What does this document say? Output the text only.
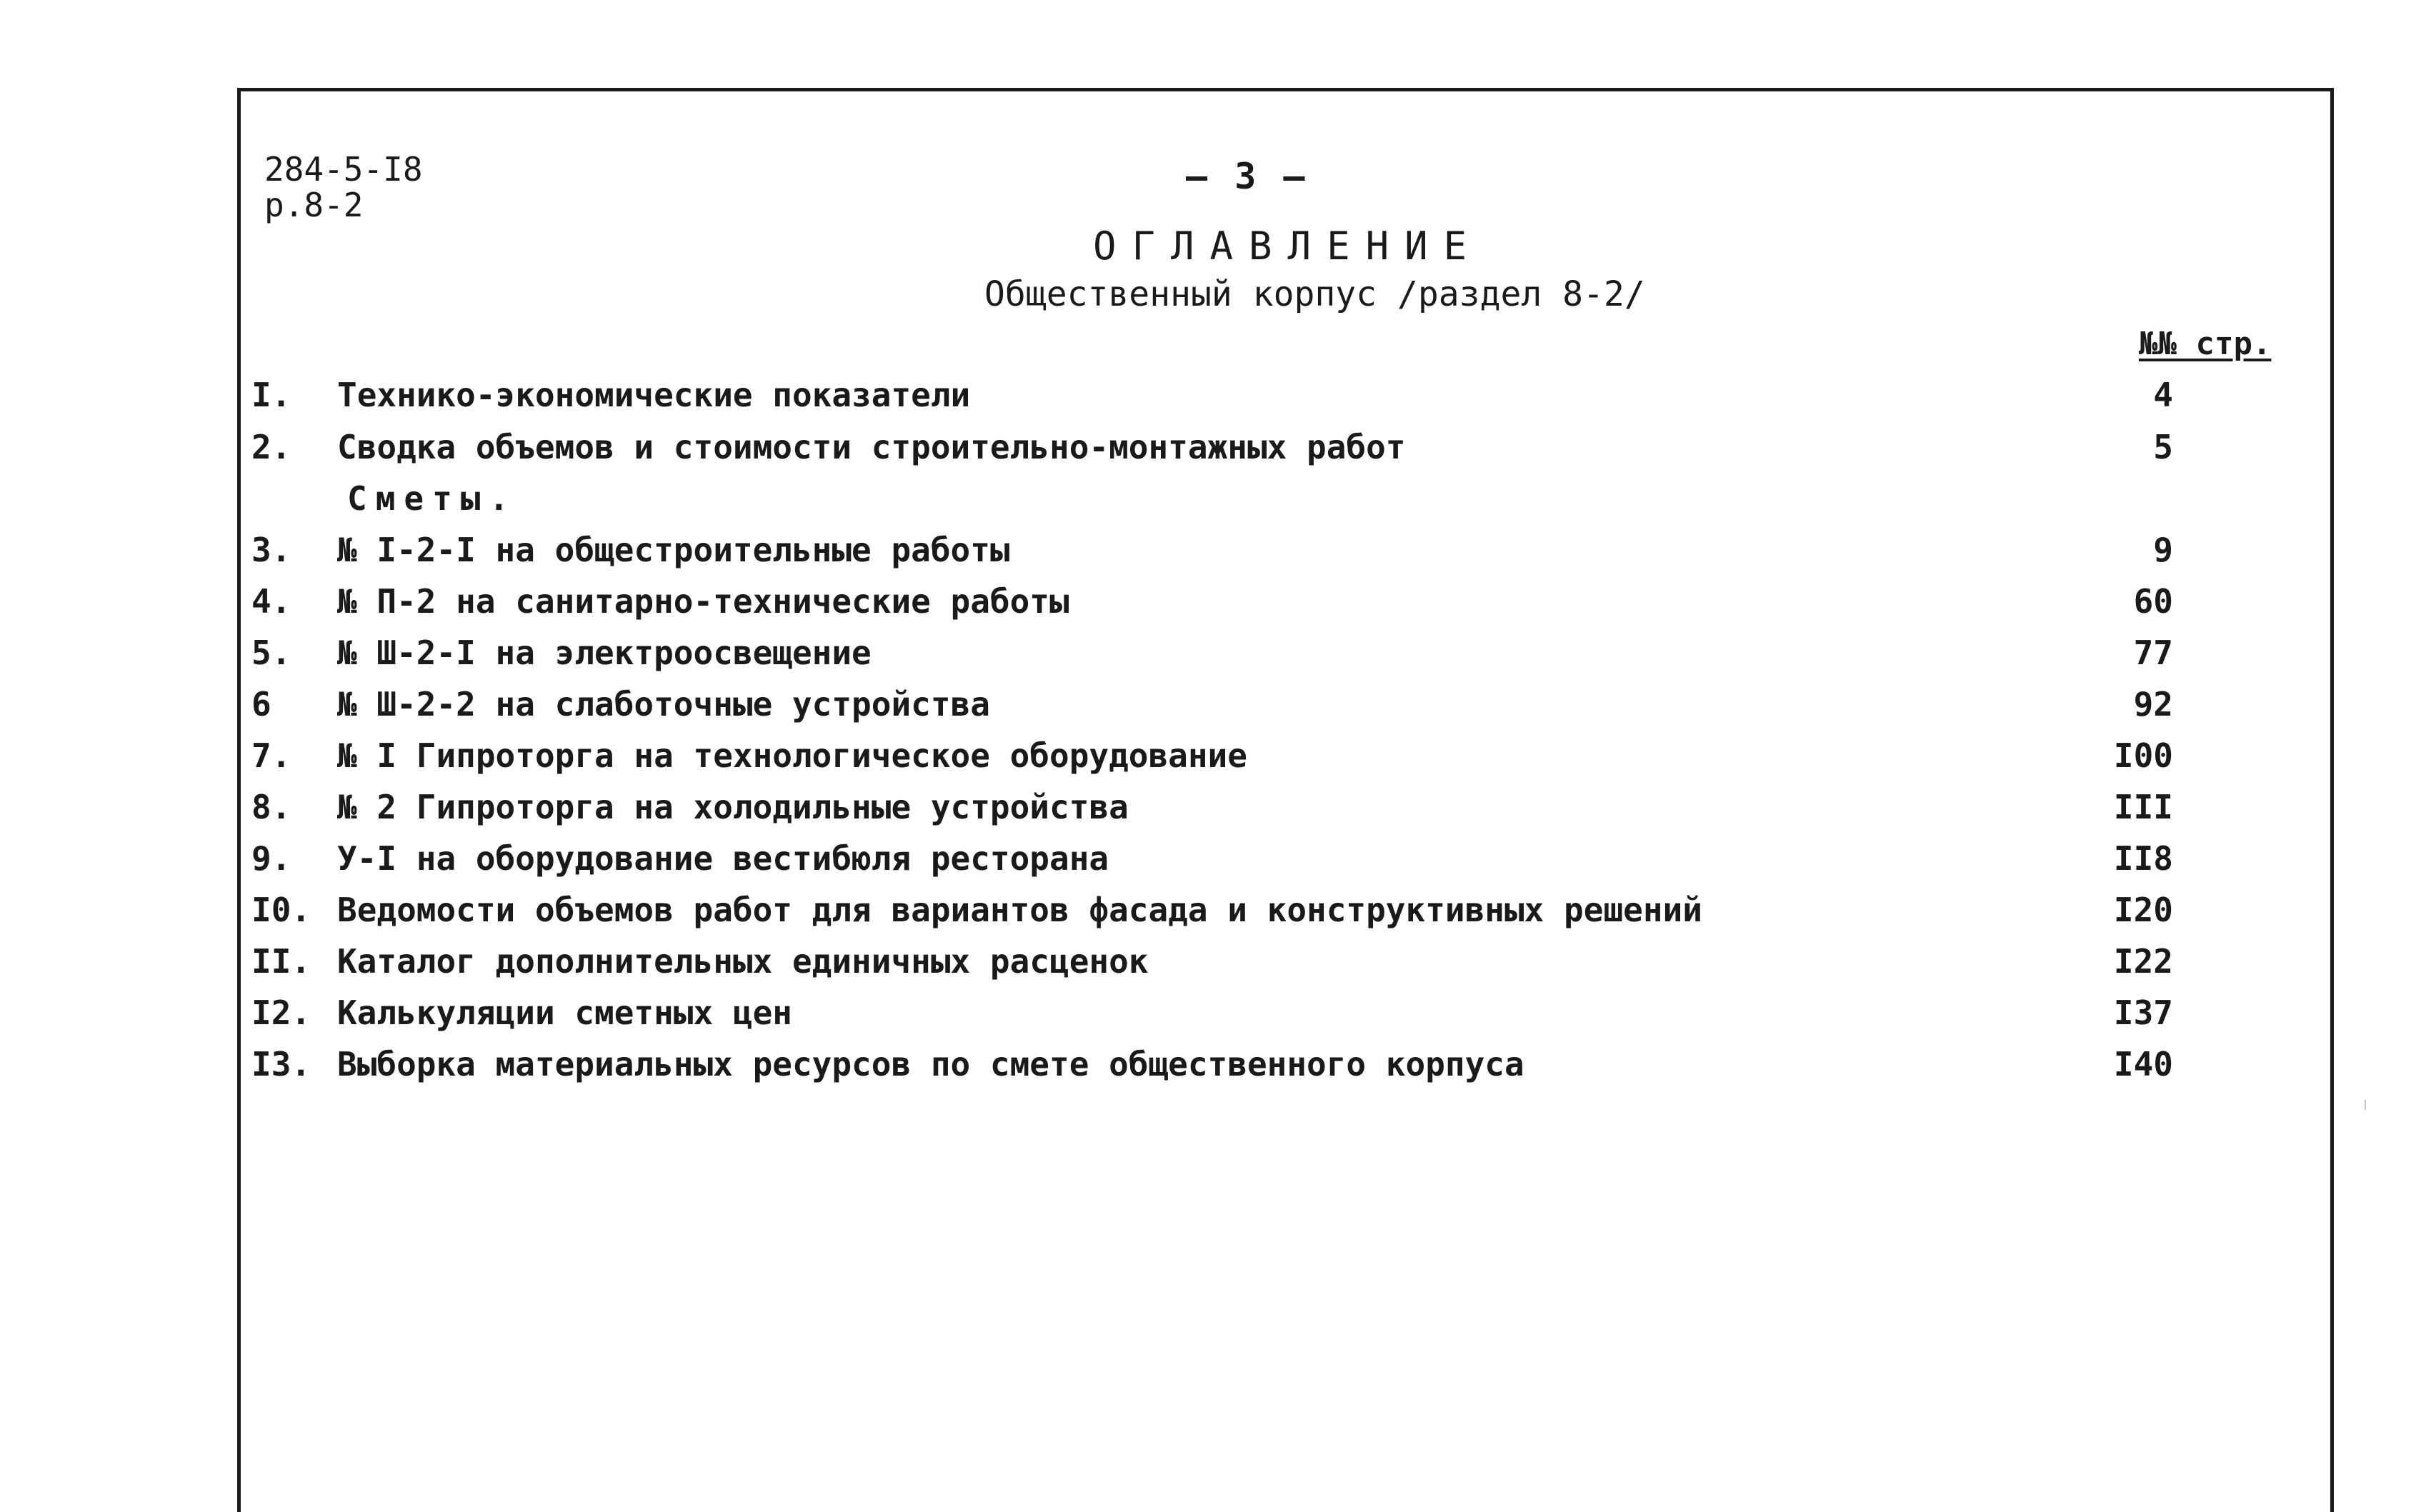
284-5-I8
р.8-2
— 3 —
ОГЛАВЛЕНИЕ
Общественный корпус /раздел 8-2/
№№ стр.
Сметы.
I. Технико-экономические показатели	4
2. Сводка объемов и стоимости строительно-монтажных работ	5
3. № I-2-I на общестроительные работы	9
4. № П-2 на санитарно-технические работы	60
5. № Ш-2-I на электроосвещение	77
6 № Ш-2-2 на слаботочные устройства	92
7. № I Гипроторга на технологическое оборудование	I00
8. № 2 Гипроторга на холодильные устройства	III
9. У-I на оборудование вестибюля ресторана	II8
I0. Ведомости объемов работ для вариантов фасада и конструктивных решений	I20
II. Каталог дополнительных единичных расценок	I22
I2. Калькуляции сметных цен	I37
I3. Выборка материальных ресурсов по смете общественного корпуса	I40
